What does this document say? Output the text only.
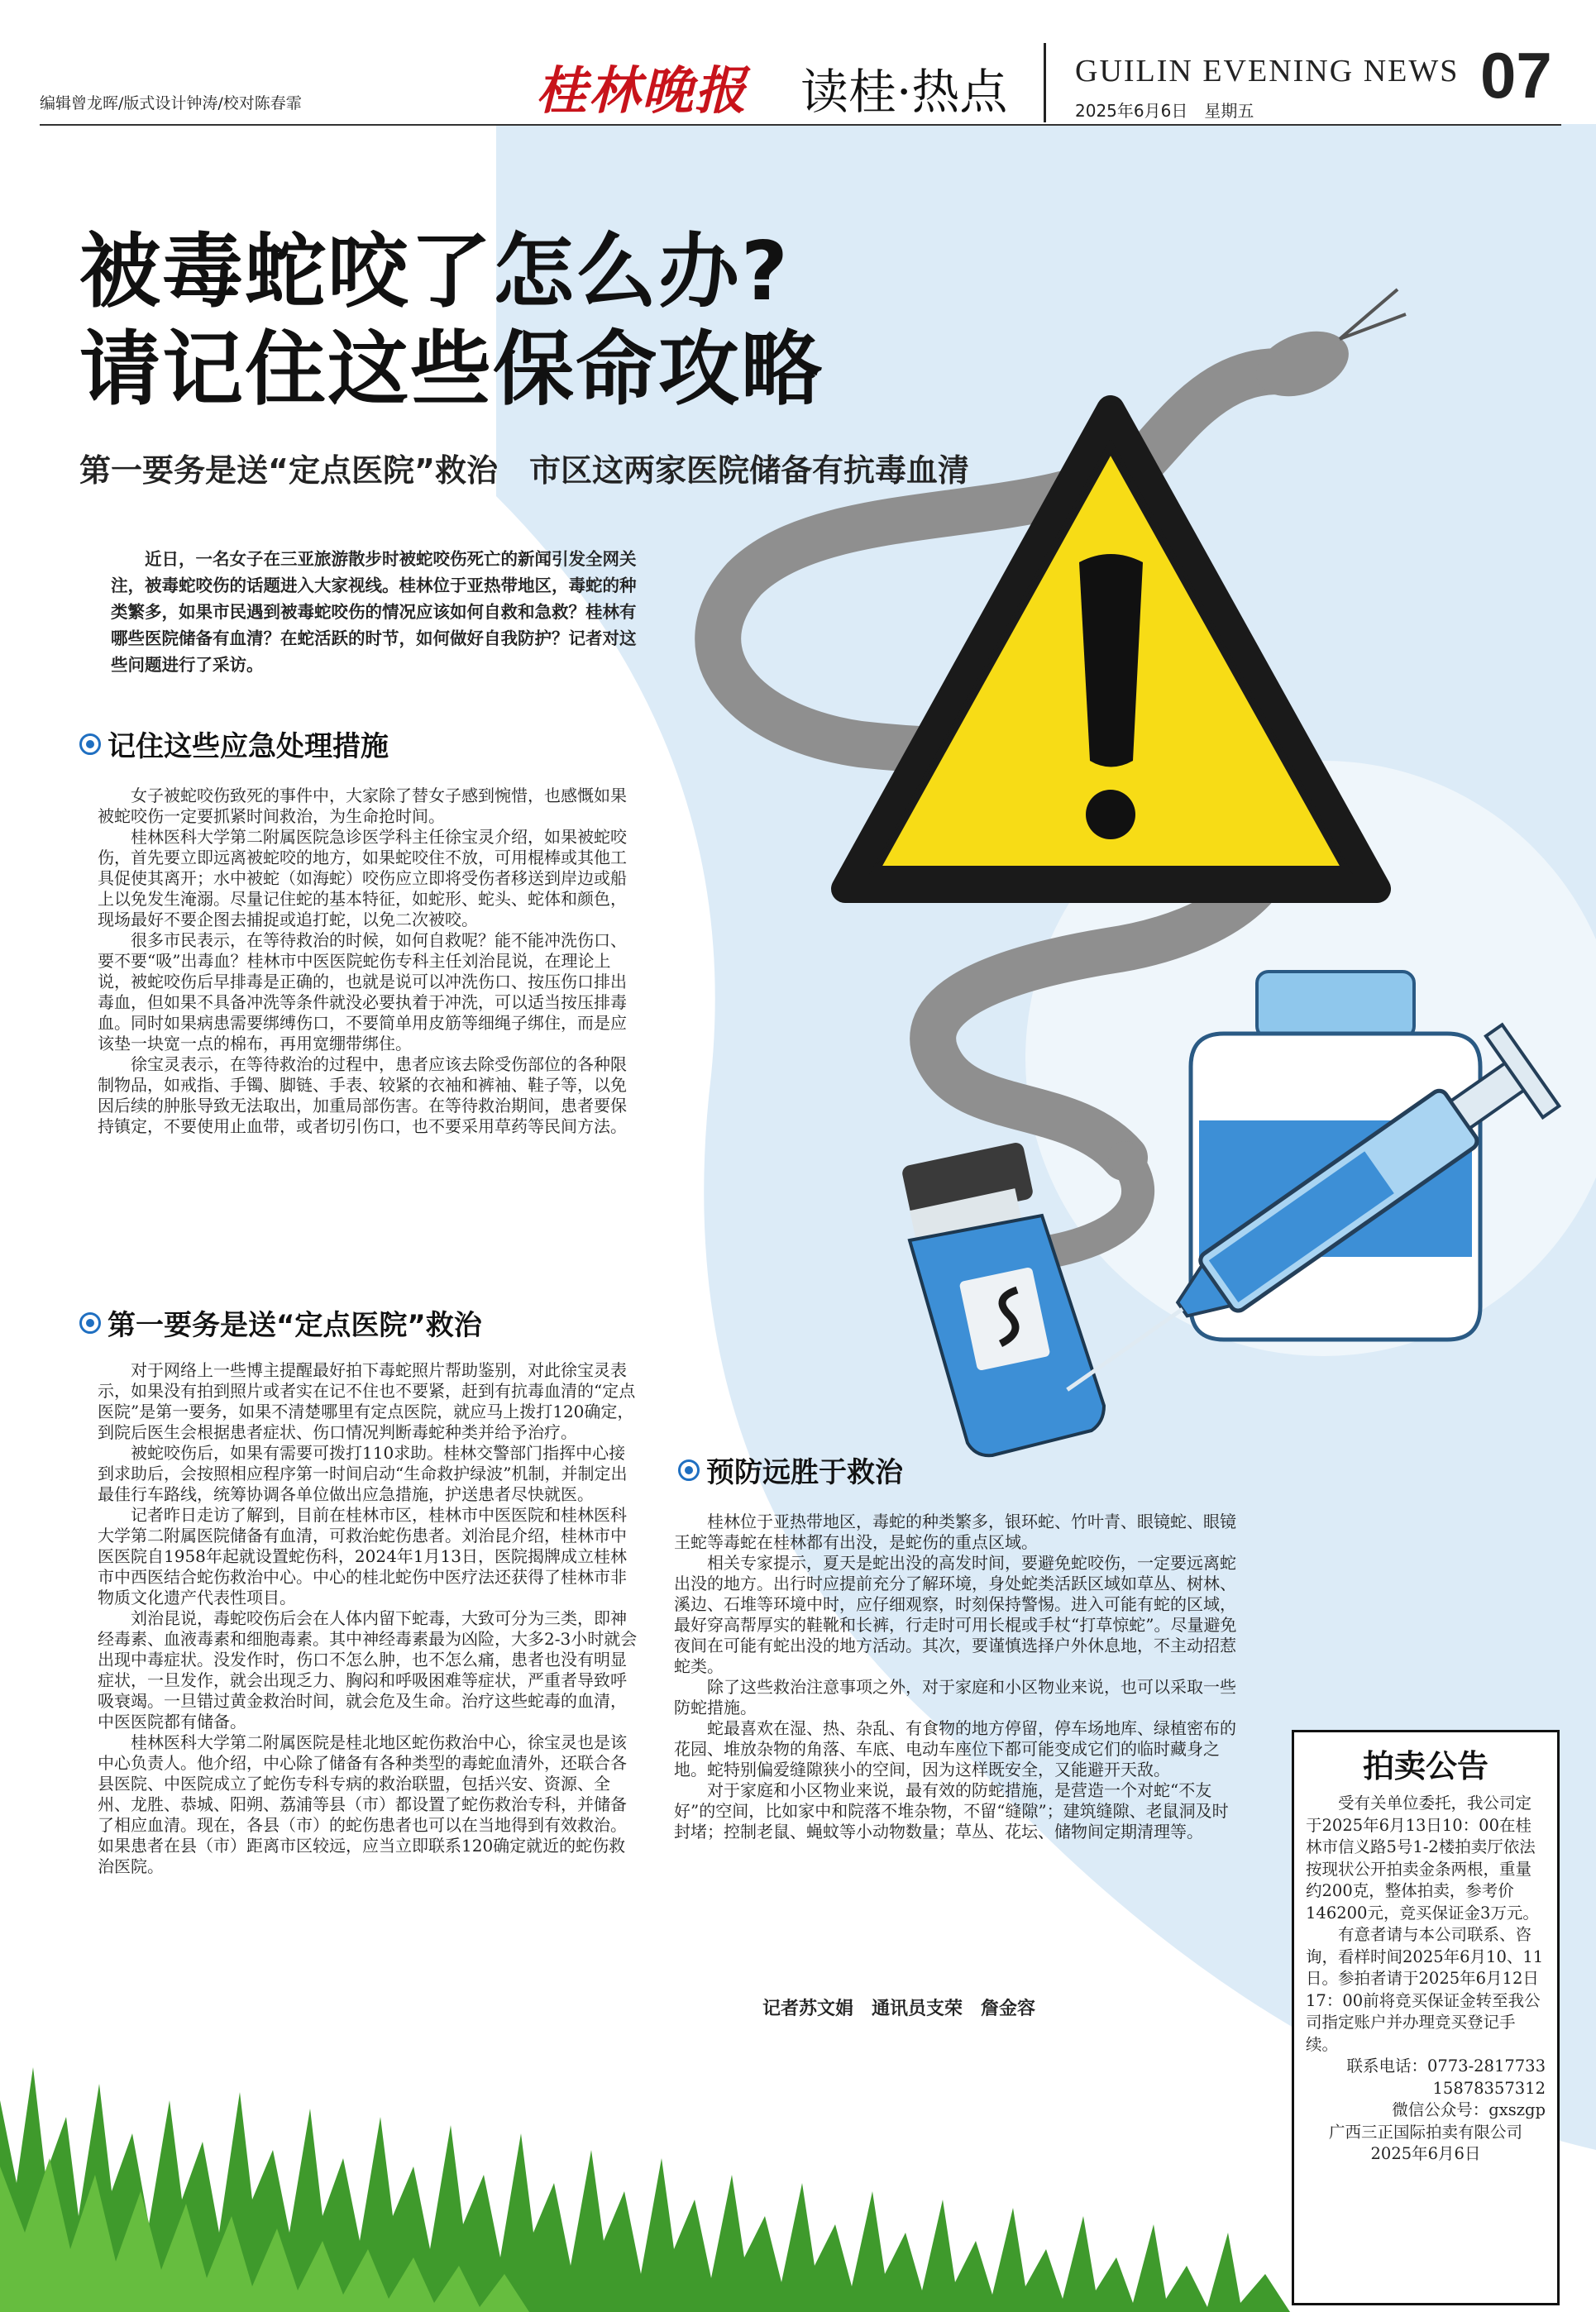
编辑曾龙晖/版式设计钟涛/校对陈春霏	桂林晚报 读桂·热点 GUILIN EVENING NEWS
2025年6月6日　星期五	07
被毒蛇咬了怎么办?
请记住这些保命攻略
第一要务是送“定点医院”救治　市区这两家医院储备有抗毒血清
近日，一名女子在三亚旅游散步时被蛇咬伤死亡的新闻引发全网关注，被毒蛇咬伤的话题进入大家视线。桂林位于亚热带地区，毒蛇的种类繁多，如果市民遇到被毒蛇咬伤的情况应该如何自救和急救？桂林有哪些医院储备有血清？在蛇活跃的时节，如何做好自我防护？记者对这些问题进行了采访。
记住这些应急处理措施

女子被蛇咬伤致死的事件中，大家除了替女子感到惋惜，也感慨如果被蛇咬伤一定要抓紧时间救治，为生命抢时间。

桂林医科大学第二附属医院急诊医学科主任徐宝灵介绍，如果被蛇咬伤，首先要立即远离被蛇咬的地方，如果蛇咬住不放，可用棍棒或其他工具促使其离开；水中被蛇（如海蛇）咬伤应立即将受伤者移送到岸边或船上以免发生淹溺。尽量记住蛇的基本特征，如蛇形、蛇头、蛇体和颜色，现场最好不要企图去捕捉或追打蛇，以免二次被咬。

很多市民表示，在等待救治的时候，如何自救呢？能不能冲洗伤口、要不要“吸”出毒血？桂林市中医医院蛇伤专科主任刘治昆说，在理论上说，被蛇咬伤后早排毒是正确的，也就是说可以冲洗伤口、按压伤口排出毒血，但如果不具备冲洗等条件就没必要执着于冲洗，可以适当按压排毒血。同时如果病患需要绑缚伤口，不要简单用皮筋等细绳子绑住，而是应该垫一块宽一点的棉布，再用宽绷带绑住。

徐宝灵表示，在等待救治的过程中，患者应该去除受伤部位的各种限制物品，如戒指、手镯、脚链、手表、较紧的衣袖和裤袖、鞋子等，以免因后续的肿胀导致无法取出，加重局部伤害。在等待救治期间，患者要保持镇定，不要使用止血带，或者切引伤口，也不要采用草药等民间方法。

第一要务是送“定点医院”救治

对于网络上一些博主提醒最好拍下毒蛇照片帮助鉴别，对此徐宝灵表示，如果没有拍到照片或者实在记不住也不要紧，赶到有抗毒血清的“定点医院”是第一要务，如果不清楚哪里有定点医院，就应马上拨打120确定，到院后医生会根据患者症状、伤口情况判断毒蛇种类并给予治疗。

被蛇咬伤后，如果有需要可拨打110求助。桂林交警部门指挥中心接到求助后，会按照相应程序第一时间启动“生命救护绿波”机制，并制定出最佳行车路线，统筹协调各单位做出应急措施，护送患者尽快就医。

记者昨日走访了解到，目前在桂林市区，桂林市中医医院和桂林医科大学第二附属医院储备有血清，可救治蛇伤患者。刘治昆介绍，桂林市中医医院自1958年起就设置蛇伤科，2024年1月13日，医院揭牌成立桂林市中西医结合蛇伤救治中心。中心的桂北蛇伤中医疗法还获得了桂林市非物质文化遗产代表性项目。

刘治昆说，毒蛇咬伤后会在人体内留下蛇毒，大致可分为三类，即神经毒素、血液毒素和细胞毒素。其中神经毒素最为凶险，大多2-3小时就会出现中毒症状。没发作时，伤口不怎么肿，也不怎么痛，患者也没有明显症状，一旦发作，就会出现乏力、胸闷和呼吸困难等症状，严重者导致呼吸衰竭。一旦错过黄金救治时间，就会危及生命。治疗这些蛇毒的血清，中医医院都有储备。

桂林医科大学第二附属医院是桂北地区蛇伤救治中心，徐宝灵也是该中心负责人。他介绍，中心除了储备有各种类型的毒蛇血清外，还联合各县医院、中医院成立了蛇伤专科专病的救治联盟，包括兴安、资源、全州、龙胜、恭城、阳朔、荔浦等县（市）都设置了蛇伤救治专科，并储备了相应血清。现在，各县（市）的蛇伤患者也可以在当地得到有效救治。如果患者在县（市）距离市区较远，应当立即联系120确定就近的蛇伤救治医院。

预防远胜于救治

桂林位于亚热带地区，毒蛇的种类繁多，银环蛇、竹叶青、眼镜蛇、眼镜王蛇等毒蛇在桂林都有出没，是蛇伤的重点区域。

相关专家提示，夏天是蛇出没的高发时间，要避免蛇咬伤，一定要远离蛇出没的地方。出行时应提前充分了解环境，身处蛇类活跃区域如草丛、树林、溪边、石堆等环境中时，应仔细观察，时刻保持警惕。进入可能有蛇的区域，最好穿高帮厚实的鞋靴和长裤，行走时可用长棍或手杖“打草惊蛇”。尽量避免夜间在可能有蛇出没的地方活动。其次，要谨慎选择户外休息地，不主动招惹蛇类。

除了这些救治注意事项之外，对于家庭和小区物业来说，也可以采取一些防蛇措施。

蛇最喜欢在湿、热、杂乱、有食物的地方停留，停车场地库、绿植密布的花园、堆放杂物的角落、车底、电动车座位下都可能变成它们的临时藏身之地。蛇特别偏爱缝隙狭小的空间，因为这样既安全，又能避开天敌。

对于家庭和小区物业来说，最有效的防蛇措施，是营造一个对蛇“不友好”的空间，比如家中和院落不堆杂物，不留“缝隙”；建筑缝隙、老鼠洞及时封堵；控制老鼠、蝇蚊等小动物数量；草丛、花坛、储物间定期清理等。

记者苏文娟　通讯员支荣　詹金容
拍卖公告

受有关单位委托，我公司定于2025年6月13日10：00在桂林市信义路5号1-2楼拍卖厅依法按现状公开拍卖金条两根，重量约200克，整体拍卖，参考价146200元，竞买保证金3万元。

有意者请与本公司联系、咨询，看样时间2025年6月10、11日。参拍者请于2025年6月12日17：00前将竞买保证金转至我公司指定账户并办理竞买登记手续。

联系电话：0773-2817733
15878357312
微信公众号：gxszgp
广西三正国际拍卖有限公司
2025年6月6日
